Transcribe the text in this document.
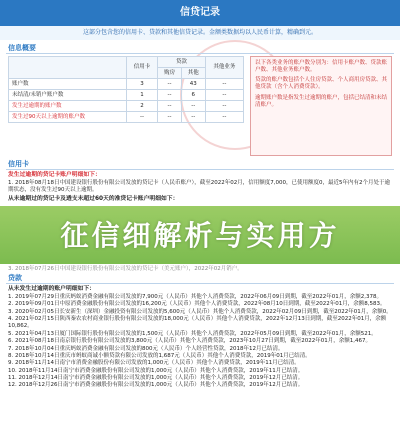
信贷记录
这部分包含您的信用卡、贷款和其他信贷记录。金额类数据均以人民币计算，精确到元。
信息概要
	信用卡	贷款		其他业务
		购房	其他	
账户数	3	--	43	--
未结清/未销户账户数	1	--	6	--
发生过逾期的账户数	2	--	--	--
发生过90天以上逾期的账户数	--	--	--	--

以下各类业务的账户数分别为：信用卡账户数、贷款账户数、其他业务账户数。

贷款的账户数包括个人住房贷款、个人商用房贷款、其他贷款（含个人消费贷款）。

逾期账户数是指发生过逾期的账户，包括已结清和未结清账户。

信用卡
发生过逾期的贷记卡账户明细如下：
1. 2018年08月18日中国建设银行股份有限公司发放的贷记卡（人民币账户），截至2022年02月，信用额度7,000，已使用额度0，最近5年内有2个月处于逾期状态，没有发生过90天以上逾期。
从未逾期过的贷记卡及透支未超过60天的准贷记卡账户明细如下：
征信细解析与实用方
3. 2018年07月26日中国建设银行股份有限公司发放的贷记卡（美元账户），2022年02月销户。
贷款
从未发生过逾期的账户明细如下：
1. 2019年07月29日重庆蚂蚁消费金融有限公司发放的7,900元（人民币）其他个人消费贷款，2022年06月09日到期，截至2022年01月，余额2,378。
2. 2019年09月01日中原消费金融股份有限公司发放的16,200元（人民币）其他个人消费贷款，2022年08月10日到期，截至2022年01月，余额8,583。
3. 2020年02月05日长安新生（深圳）金融投资有限公司发放的5,600元（人民币）其他个人消费贷款，2022年02月09日到期，截至2022年01月，余额0。
4. 2021年02月15日陕西秦农农村商业银行股份有限公司发放的18,000元（人民币）其他个人消费贷款，2022年12月13日到期，截至2022年01月，余额10,862。
5. 2021年04月13日厦门国际银行股份有限公司发放的1,500元（人民币）其他个人消费贷款，2022年05月09日到期，截至2022年01月，余额521。
6. 2021年08月18日南京银行股份有限公司发放的3,800元（人民币）其他个人消费贷款，2023年10月27日到期，截至2022年01月，余额1,467。
7. 2018年10月04日重庆蚂蚁消费金融有限公司发放的800元（人民币）个人经营性贷款，2018年12月已结清。
8. 2018年10月14日重庆市蚂蚁商诚小额贷款有限公司发放的1,687元（人民币）其他个人消费贷款，2019年01月已结清。
9. 2018年11月14日南宁市消费金融股份有限公司发放的1,000元（人民币）其他个人消费贷款，2019年11月已结清。
10. 2018年11月14日南宁市消费金融股份有限公司发放的1,000元（人民币）其他个人消费贷款，2019年11月已结清。
11. 2018年12月14日南宁市消费金融股份有限公司发放的1,000元（人民币）其他个人消费贷款，2019年12月已结清。
12. 2018年12月26日南宁市消费金融股份有限公司发放的1,000元（人民币）其他个人消费贷款，2019年12月已结清。
